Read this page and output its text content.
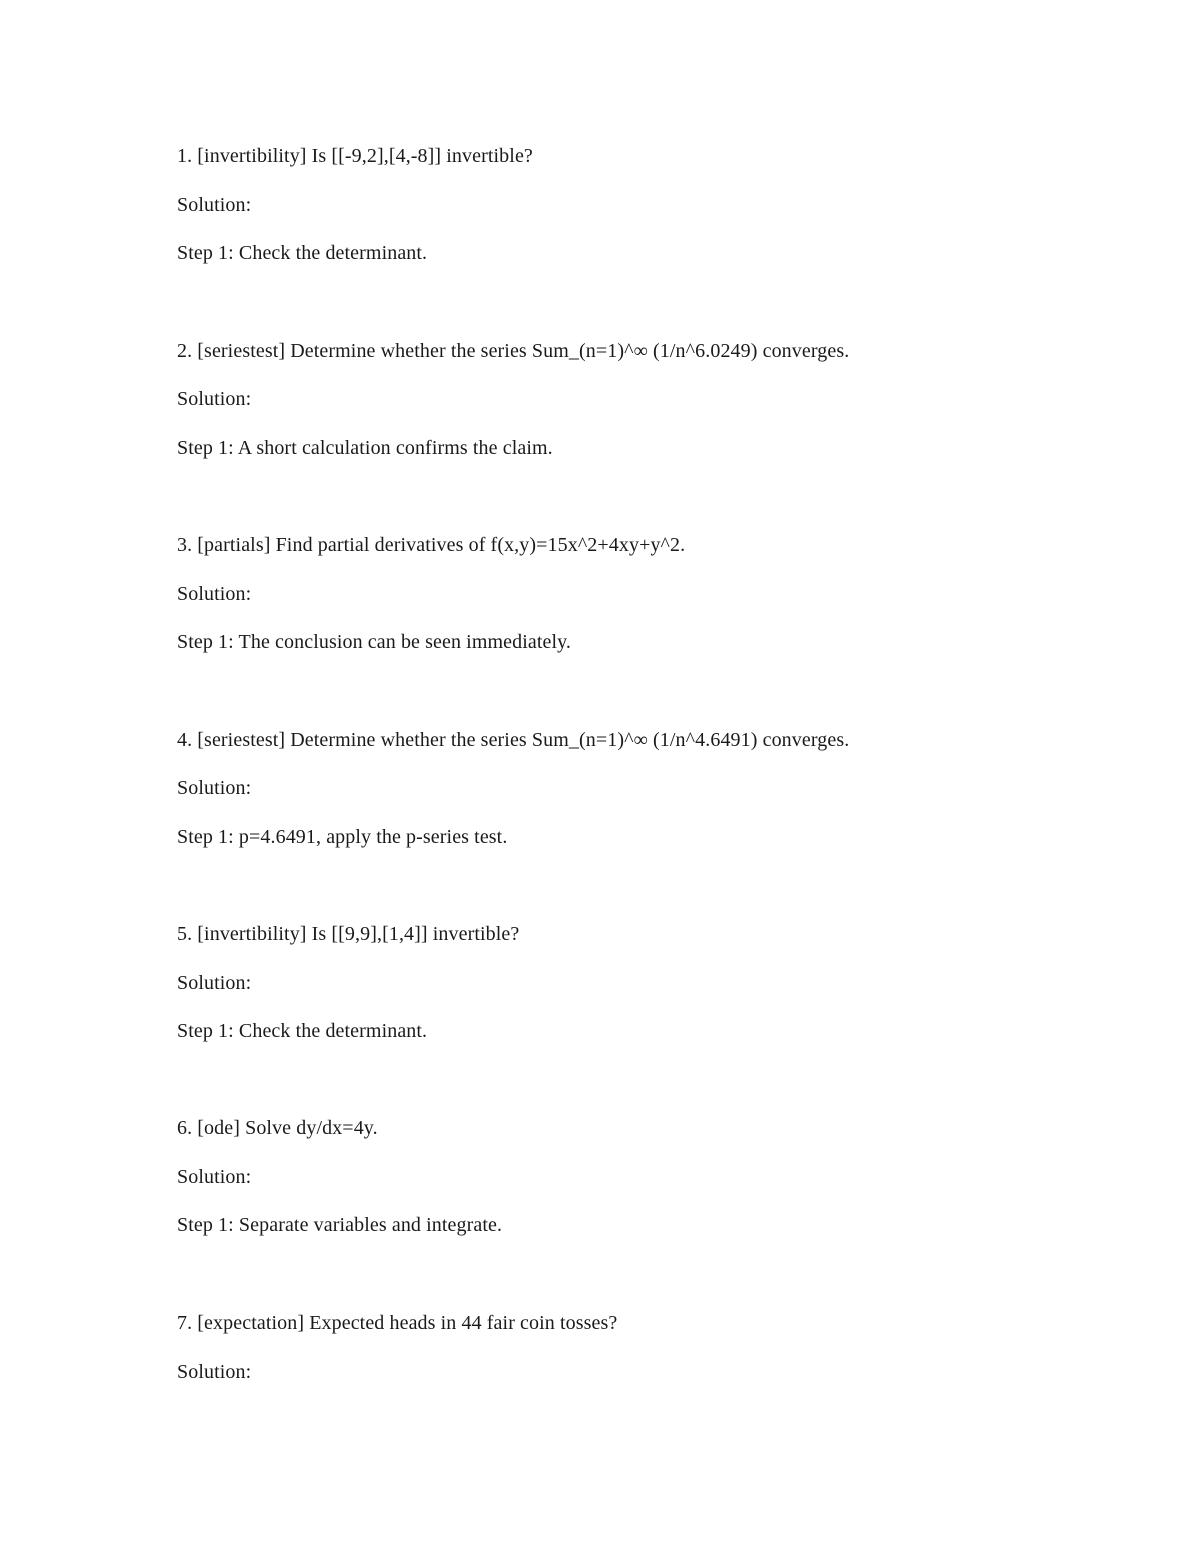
1. [invertibility] Is [[-9,2],[4,-8]] invertible?
Solution:
Step 1: Check the determinant.
2. [seriestest] Determine whether the series Sum_(n=1)^∞ (1/n^6.0249) converges.
Solution:
Step 1: A short calculation confirms the claim.
3. [partials] Find partial derivatives of f(x,y)=15x^2+4xy+y^2.
Solution:
Step 1: The conclusion can be seen immediately.
4. [seriestest] Determine whether the series Sum_(n=1)^∞ (1/n^4.6491) converges.
Solution:
Step 1: p=4.6491, apply the p-series test.
5. [invertibility] Is [[9,9],[1,4]] invertible?
Solution:
Step 1: Check the determinant.
6. [ode] Solve dy/dx=4y.
Solution:
Step 1: Separate variables and integrate.
7. [expectation] Expected heads in 44 fair coin tosses?
Solution:
